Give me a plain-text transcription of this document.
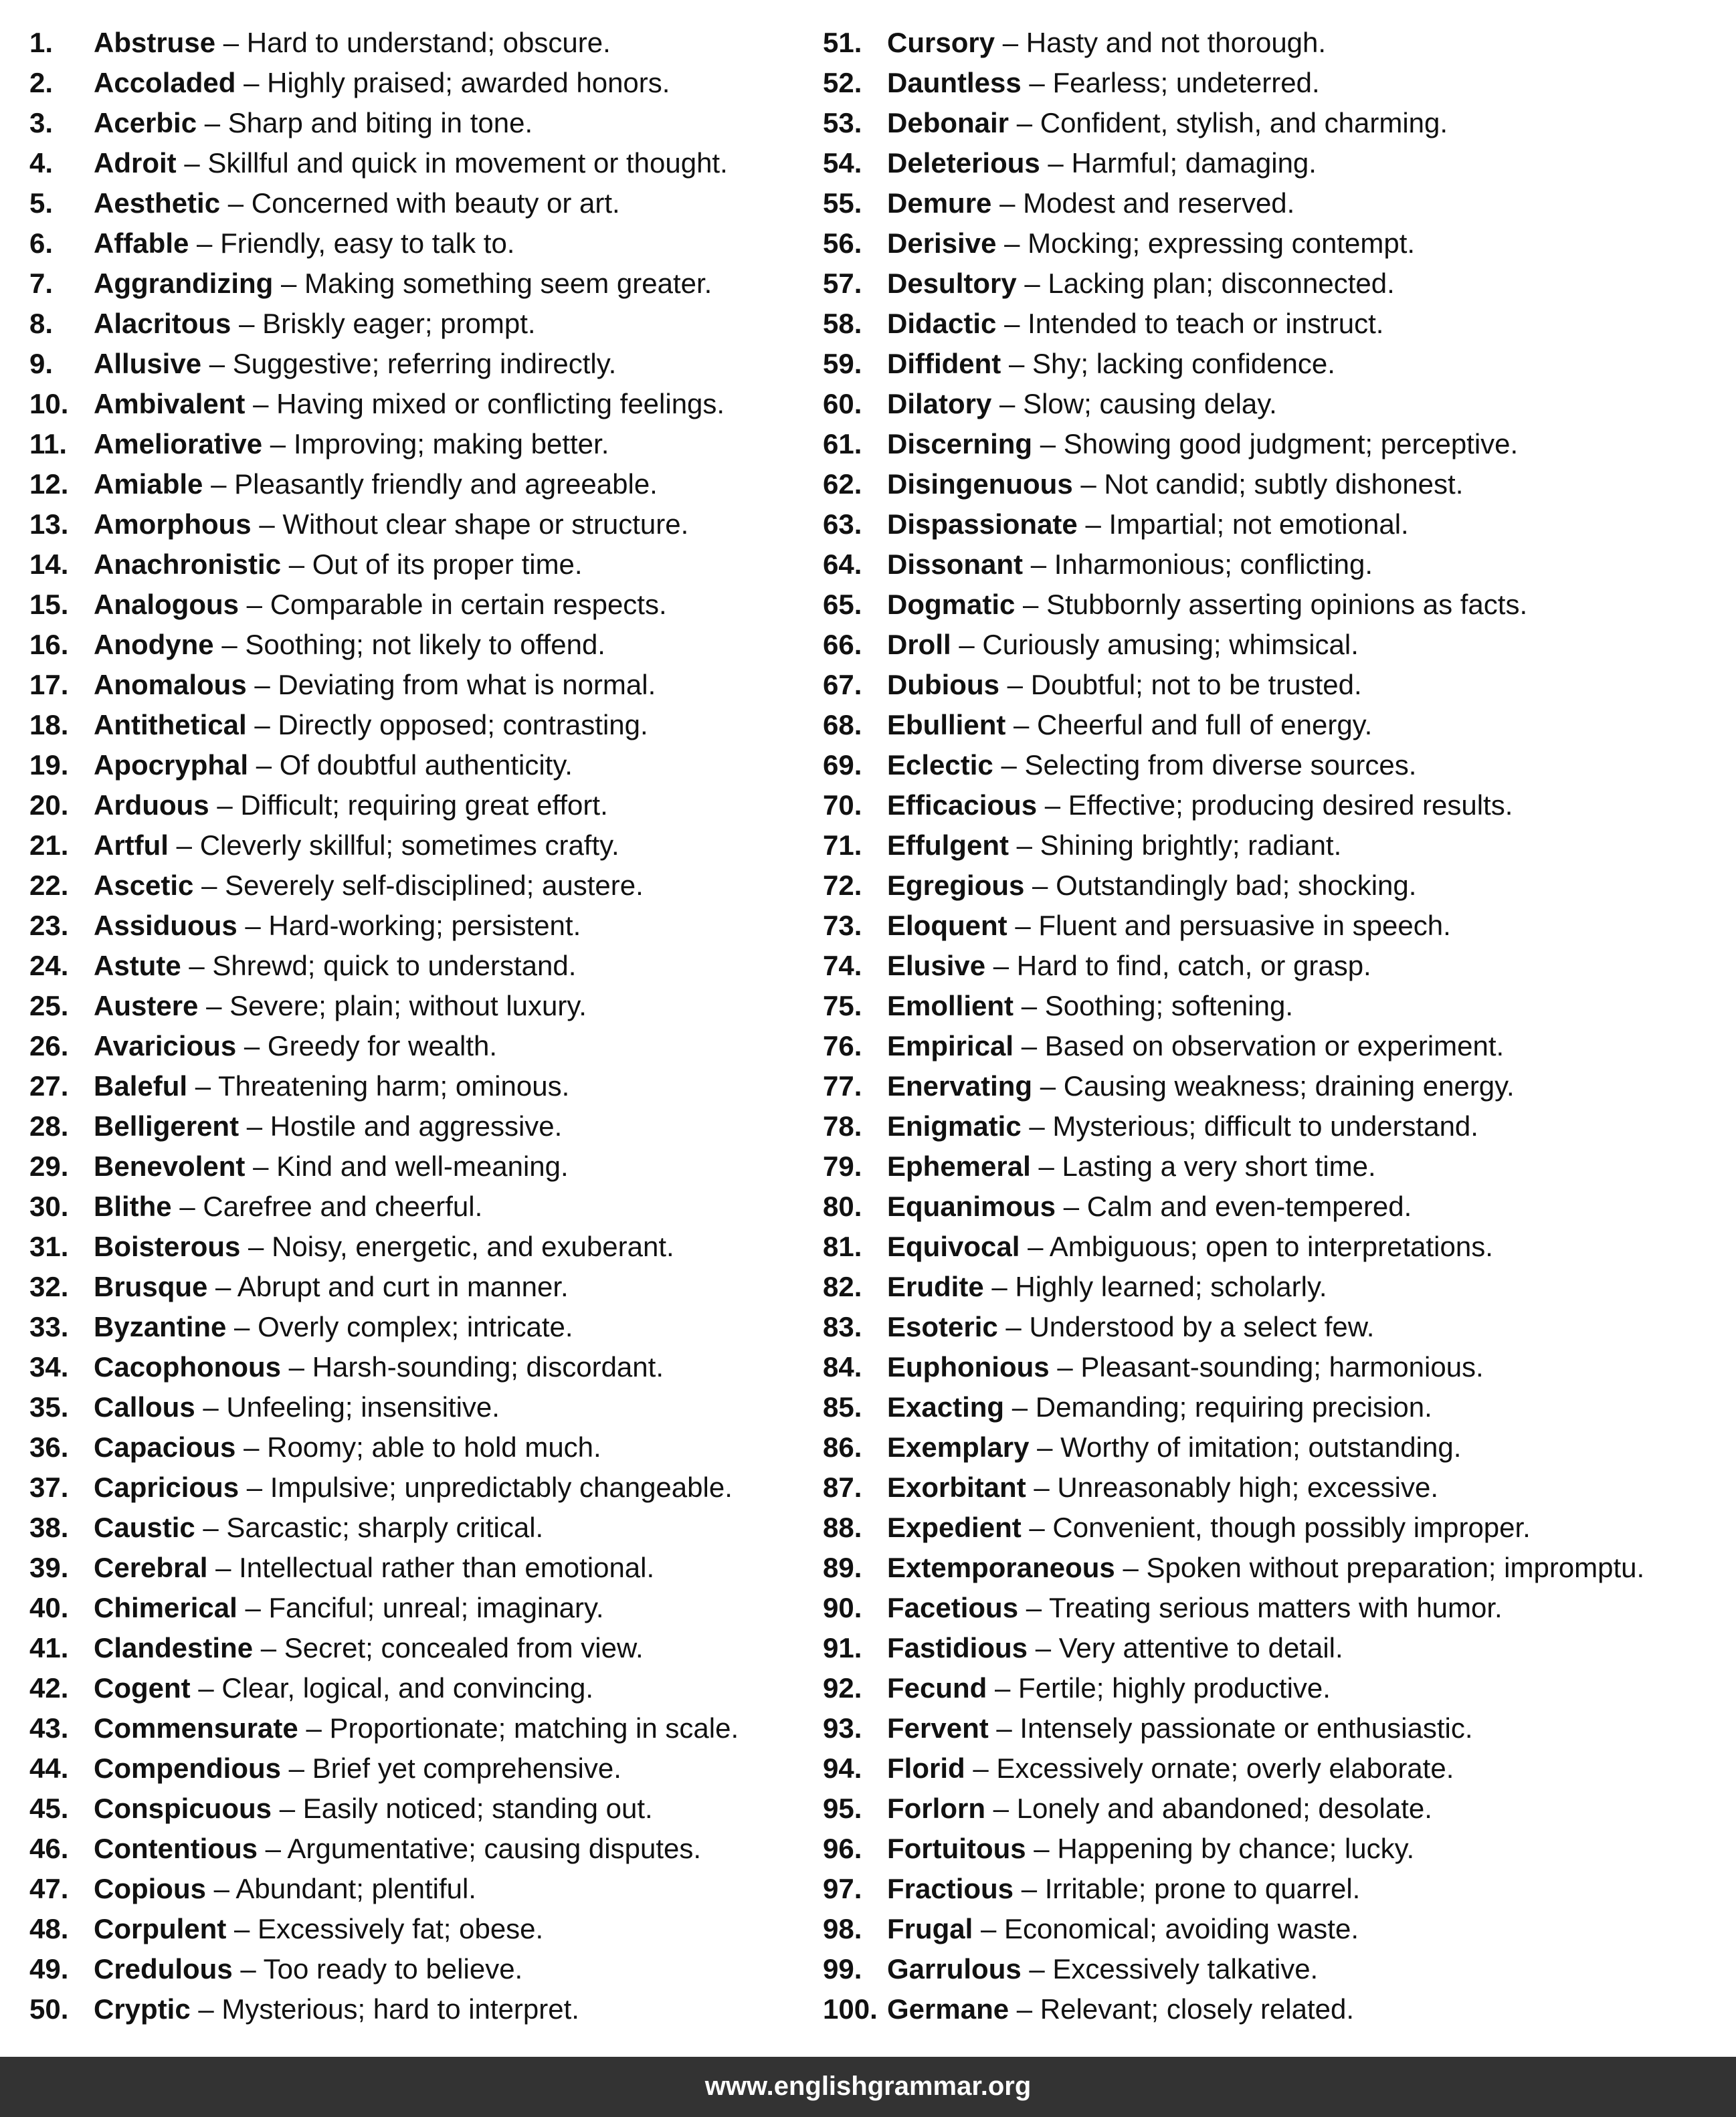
1. Abstruse – Hard to understand; obscure.
2. Accoladed – Highly praised; awarded honors.
3. Acerbic – Sharp and biting in tone.
4. Adroit – Skillful and quick in movement or thought.
5. Aesthetic – Concerned with beauty or art.
6. Affable – Friendly, easy to talk to.
7. Aggrandizing – Making something seem greater.
8. Alacritous – Briskly eager; prompt.
9. Allusive – Suggestive; referring indirectly.
10. Ambivalent – Having mixed or conflicting feelings.
11. Ameliorative – Improving; making better.
12. Amiable – Pleasantly friendly and agreeable.
13. Amorphous – Without clear shape or structure.
14. Anachronistic – Out of its proper time.
15. Analogous – Comparable in certain respects.
16. Anodyne – Soothing; not likely to offend.
17. Anomalous – Deviating from what is normal.
18. Antithetical – Directly opposed; contrasting.
19. Apocryphal – Of doubtful authenticity.
20. Arduous – Difficult; requiring great effort.
21. Artful – Cleverly skillful; sometimes crafty.
22. Ascetic – Severely self-disciplined; austere.
23. Assiduous – Hard-working; persistent.
24. Astute – Shrewd; quick to understand.
25. Austere – Severe; plain; without luxury.
26. Avaricious – Greedy for wealth.
27. Baleful – Threatening harm; ominous.
28. Belligerent – Hostile and aggressive.
29. Benevolent – Kind and well-meaning.
30. Blithe – Carefree and cheerful.
31. Boisterous – Noisy, energetic, and exuberant.
32. Brusque – Abrupt and curt in manner.
33. Byzantine – Overly complex; intricate.
34. Cacophonous – Harsh-sounding; discordant.
35. Callous – Unfeeling; insensitive.
36. Capacious – Roomy; able to hold much.
37. Capricious – Impulsive; unpredictably changeable.
38. Caustic – Sarcastic; sharply critical.
39. Cerebral – Intellectual rather than emotional.
40. Chimerical – Fanciful; unreal; imaginary.
41. Clandestine – Secret; concealed from view.
42. Cogent – Clear, logical, and convincing.
43. Commensurate – Proportionate; matching in scale.
44. Compendious – Brief yet comprehensive.
45. Conspicuous – Easily noticed; standing out.
46. Contentious – Argumentative; causing disputes.
47. Copious – Abundant; plentiful.
48. Corpulent – Excessively fat; obese.
49. Credulous – Too ready to believe.
50. Cryptic – Mysterious; hard to interpret.
51. Cursory – Hasty and not thorough.
52. Dauntless – Fearless; undeterred.
53. Debonair – Confident, stylish, and charming.
54. Deleterious – Harmful; damaging.
55. Demure – Modest and reserved.
56. Derisive – Mocking; expressing contempt.
57. Desultory – Lacking plan; disconnected.
58. Didactic – Intended to teach or instruct.
59. Diffident – Shy; lacking confidence.
60. Dilatory – Slow; causing delay.
61. Discerning – Showing good judgment; perceptive.
62. Disingenuous – Not candid; subtly dishonest.
63. Dispassionate – Impartial; not emotional.
64. Dissonant – Inharmonious; conflicting.
65. Dogmatic – Stubbornly asserting opinions as facts.
66. Droll – Curiously amusing; whimsical.
67. Dubious – Doubtful; not to be trusted.
68. Ebullient – Cheerful and full of energy.
69. Eclectic – Selecting from diverse sources.
70. Efficacious – Effective; producing desired results.
71. Effulgent – Shining brightly; radiant.
72. Egregious – Outstandingly bad; shocking.
73. Eloquent – Fluent and persuasive in speech.
74. Elusive – Hard to find, catch, or grasp.
75. Emollient – Soothing; softening.
76. Empirical – Based on observation or experiment.
77. Enervating – Causing weakness; draining energy.
78. Enigmatic – Mysterious; difficult to understand.
79. Ephemeral – Lasting a very short time.
80. Equanimous – Calm and even-tempered.
81. Equivocal – Ambiguous; open to interpretations.
82. Erudite – Highly learned; scholarly.
83. Esoteric – Understood by a select few.
84. Euphonious – Pleasant-sounding; harmonious.
85. Exacting – Demanding; requiring precision.
86. Exemplary – Worthy of imitation; outstanding.
87. Exorbitant – Unreasonably high; excessive.
88. Expedient – Convenient, though possibly improper.
89. Extemporaneous – Spoken without preparation; impromptu.
90. Facetious – Treating serious matters with humor.
91. Fastidious – Very attentive to detail.
92. Fecund – Fertile; highly productive.
93. Fervent – Intensely passionate or enthusiastic.
94. Florid – Excessively ornate; overly elaborate.
95. Forlorn – Lonely and abandoned; desolate.
96. Fortuitous – Happening by chance; lucky.
97. Fractious – Irritable; prone to quarrel.
98. Frugal – Economical; avoiding waste.
99. Garrulous – Excessively talkative.
100. Germane – Relevant; closely related.
www.englishgrammar.org
